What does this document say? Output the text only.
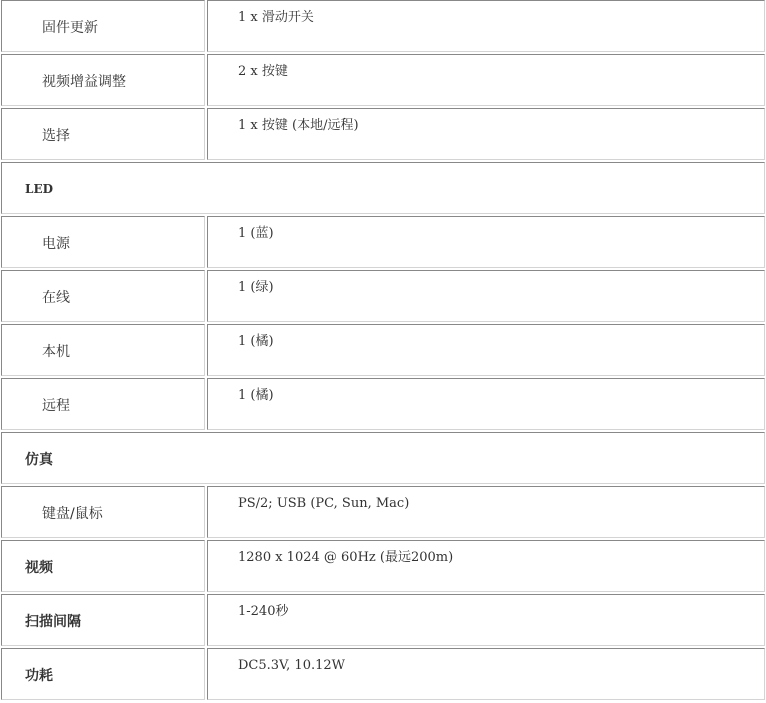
固件更新
1 x 滑动开关
视频增益调整
2 x 按键
选择
1 x 按键 (本地/远程)
LED
电源
1 (蓝)
在线
1 (绿)
本机
1 (橘)
远程
1 (橘)
仿真
键盘/鼠标
PS/2; USB (PC, Sun, Mac)
视频
1280 x 1024 @ 60Hz (最远200m)
扫描间隔
1-240秒
功耗
DC5.3V, 10.12W
